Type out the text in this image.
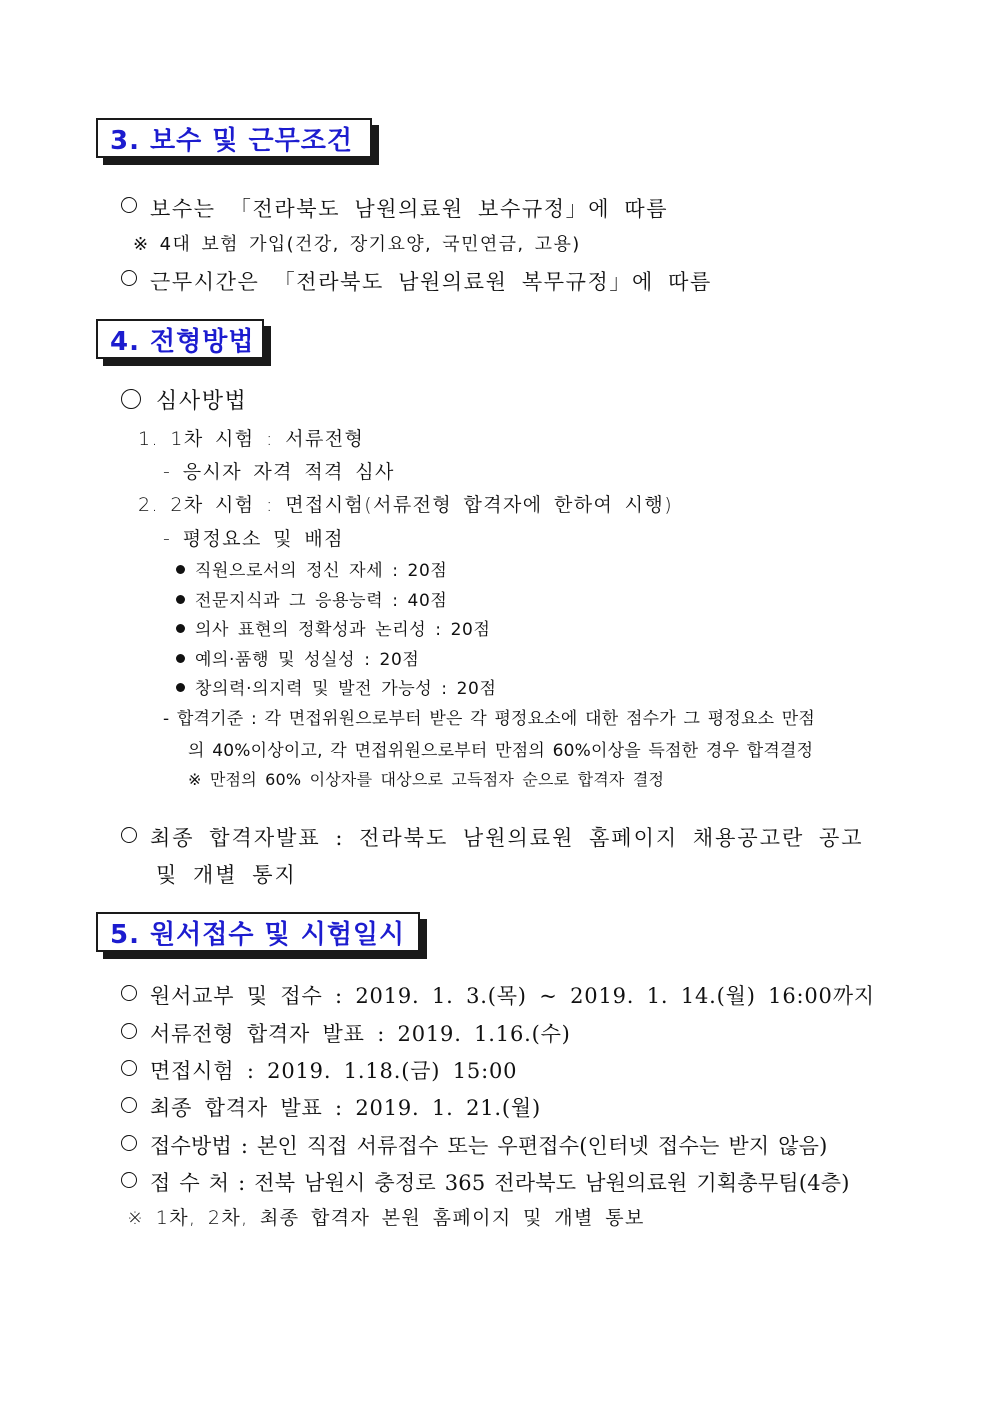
3. 보수 및 근무조건
보수는 「전라북도 남원의료원 보수규정」에 따름
※ 4대 보험 가입(건강, 장기요양, 국민연금, 고용)
근무시간은 「전라북도 남원의료원 복무규정」에 따름
4. 전형방법
심사방법
1. 1차 시험 : 서류전형
- 응시자 자격 적격 심사
2. 2차 시험 : 면접시험(서류전형 합격자에 한하여 시행)
- 평정요소 및 배점
직원으로서의 정신 자세 : 20점
전문지식과 그 응용능력 : 40점
의사 표현의 정확성과 논리성 : 20점
예의·품행 및 성실성 : 20점
창의력·의지력 및 발전 가능성 : 20점
- 합격기준 : 각 면접위원으로부터 받은 각 평정요소에 대한 점수가 그 평정요소 만점
의 40%이상이고, 각 면접위원으로부터 만점의 60%이상을 득점한 경우 합격결정
※ 만점의 60% 이상자를 대상으로 고득점자 순으로 합격자 결정
최종 합격자발표 : 전라북도 남원의료원 홈페이지 채용공고란 공고
및 개별 통지
5. 원서접수 및 시험일시
원서교부 및 접수 : 2019. 1. 3.(목) ~ 2019. 1. 14.(월) 16:00까지
서류전형 합격자 발표 : 2019. 1.16.(수)
면접시험 : 2019. 1.18.(금) 15:00
최종 합격자 발표 : 2019. 1. 21.(월)
접수방법 : 본인 직접 서류접수 또는 우편접수(인터넷 접수는 받지 않음)
접 수 처 : 전북 남원시 충정로 365 전라북도 남원의료원 기획총무팀(4층)
※ 1차, 2차, 최종 합격자 본원 홈페이지 및 개별 통보
